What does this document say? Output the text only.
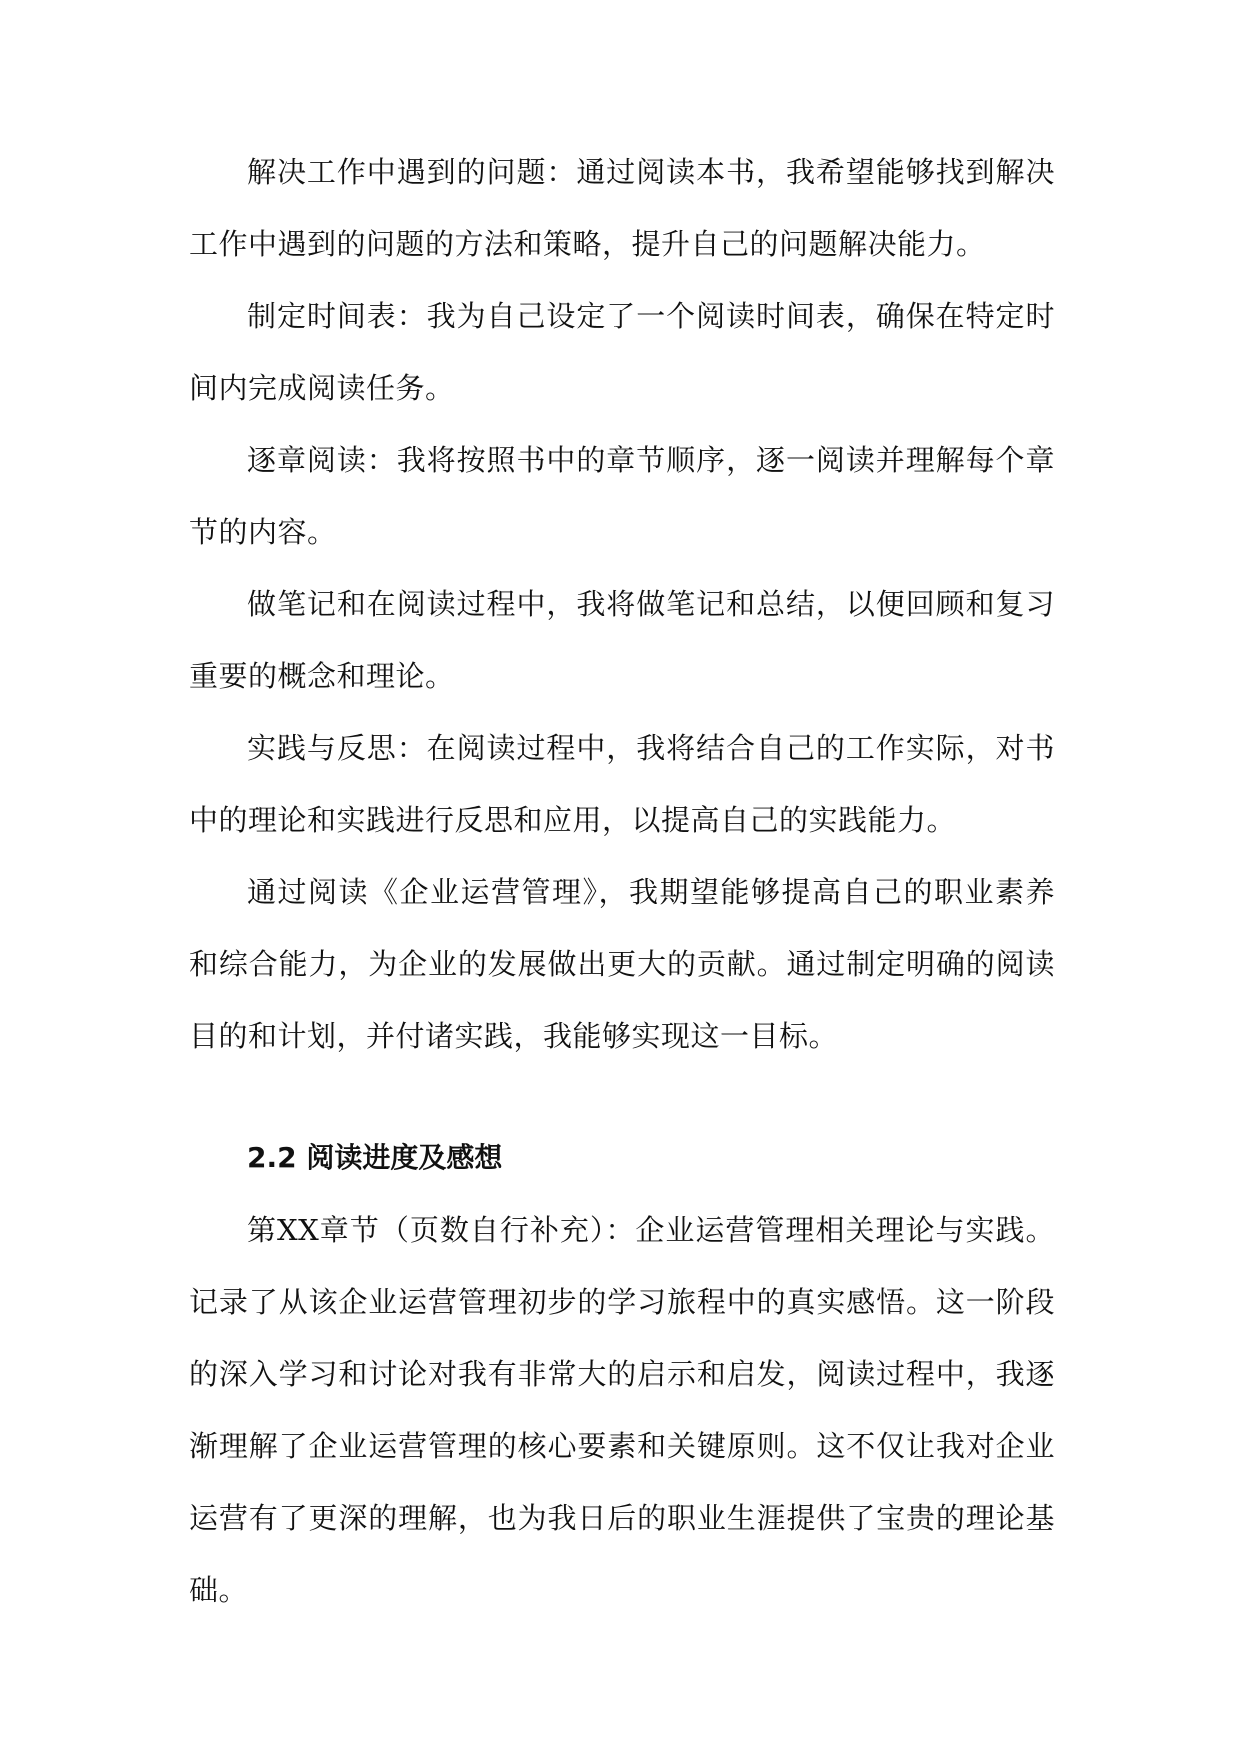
解决工作中遇到的问题：通过阅读本书，我希望能够找到解决工作中遇到的问题的方法和策略，提升自己的问题解决能力。

制定时间表：我为自己设定了一个阅读时间表，确保在特定时间内完成阅读任务。

逐章阅读：我将按照书中的章节顺序，逐一阅读并理解每个章节的内容。

做笔记和在阅读过程中，我将做笔记和总结，以便回顾和复习重要的概念和理论。

实践与反思：在阅读过程中，我将结合自己的工作实际，对书中的理论和实践进行反思和应用，以提高自己的实践能力。

通过阅读《企业运营管理》，我期望能够提高自己的职业素养和综合能力，为企业的发展做出更大的贡献。通过制定明确的阅读目的和计划，并付诸实践，我能够实现这一目标。

2.2 阅读进度及感想

第XX章节（页数自行补充）：企业运营管理相关理论与实践。记录了从该企业运营管理初步的学习旅程中的真实感悟。这一阶段的深入学习和讨论对我有非常大的启示和启发，阅读过程中，我逐渐理解了企业运营管理的核心要素和关键原则。这不仅让我对企业运营有了更深的理解，也为我日后的职业生涯提供了宝贵的理论基础。
